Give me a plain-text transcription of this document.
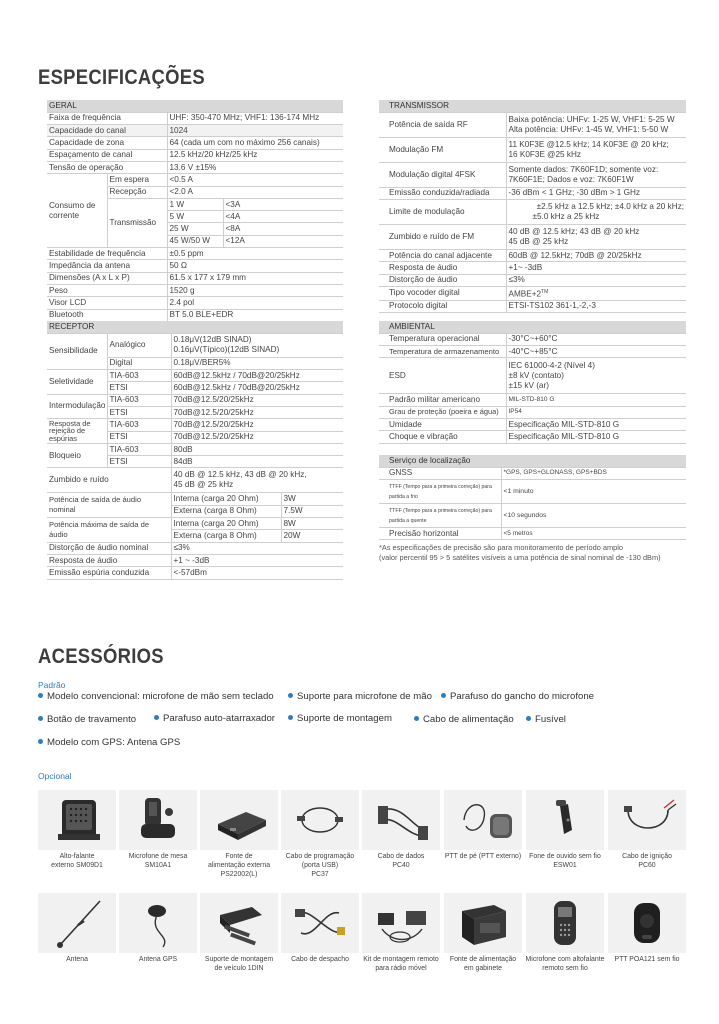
ESPECIFICAÇÕES
GERAL			
Faixa de frequência		UHF: 350-470 MHz; VHF1: 136-174 MHz	
Capacidade do canal		1024	
Capacidade de zona		64 (cada um com no máximo 256 canais)	
Espaçamento de canal		12.5 kHz/20 kHz/25 kHz	
Tensão de operação		13.6 V ±15%	
Consumo de corrente	Em espera	<0.5 A	
	Recepção	<2.0 A	
	Transmissão	1 W	<3A
		5 W	<4A
		25 W	<8A
		45 W/50 W	<12A
Estabilidade de frequência		±0.5 ppm	
Impedância da antena		50 Ω	
Dimensões (A x L x P)		61.5 x 177 x 179 mm	
Peso		1520 g	
Visor LCD		2.4 pol	
Bluetooth		BT 5.0 BLE+EDR	
RECEPTOR			
Sensibilidade	Analógico	0.18μV(12dB SINAD)
0.16μV(Típico)(12dB SINAD)	

	Digital	0.18μV/BER5%	
Seletividade	TIA-603	60dB@12.5kHz / 70dB@20/25kHz	
	ETSI	60dB@12.5kHz / 70dB@20/25kHz	
Intermodulação	TIA-603	70dB@12.5/20/25kHz	
	ETSI	70dB@12.5/20/25kHz	
Resposta de rejeição de espúrias	TIA-603	70dB@12.5/20/25kHz	
	ETSI	70dB@12.5/20/25kHz	
Bloqueio	TIA-603	80dB	
	ETSI	84dB	
Zumbido e ruído		40 dB @ 12.5 kHz, 43 dB @ 20 kHz,
45 dB @ 25 kHz	

Potência de saída de áudio nominal		Interna (carga 20 Ohm)	3W
		Externa (carga 8 Ohm)	7.5W
Potência máxima de saída de áudio		Interna (carga 20 Ohm)	8W
		Externa (carga 8 Ohm)	20W
Distorção de áudio nominal		≤3%	
Resposta de áudio		+1 ~ -3dB	
Emissão espúria conduzida		<-57dBm	
TRANSMISSOR	
Potência de saída RF	Baixa potência: UHFv: 1-25 W, VHF1: 5-25 W
Alta potência: UHFv: 1-45 W, VHF1: 5-50 W

Modulação FM	11 K0F3E @12.5 kHz; 14 K0F3E @ 20 kHz;
16 K0F3E @25 kHz

Modulação digital 4FSK	Somente dados: 7K60F1D; somente voz:
7K60F1E; Dados e voz: 7K60F1W

Emissão conduzida/radiada	-36 dBm < 1 GHz; -30 dBm > 1 GHz
Limite de modulação	±2.5 kHz a 12.5 kHz; ±4.0 kHz a 20 kHz;
±5.0 kHz a 25 kHz

Zumbido e ruído de FM	40 dB @ 12.5 kHz; 43 dB @ 20 kHz
45 dB @ 25 kHz

Potência do canal adjacente	60dB @ 12.5kHz; 70dB @ 20/25kHz
Resposta de áudio	+1~ -3dB
Distorção de áudio	≤3%
Tipo vocoder digital	AMBE+2™
Protocolo digital	ETSI-TS102 361-1,-2,-3
AMBIENTAL	
Temperatura operacional	-30°C~+60°C
Temperatura de armazenamento	-40°C~+85°C
ESD	IEC 61000-4-2 (Nível 4)
±8 kV (contato)
±15 kV (ar)

Padrão militar americano	MIL-STD-810 G
Grau de proteção (poeira e água)	IP54
Umidade	Especificação MIL-STD-810 G
Choque e vibração	Especificação MIL-STD-810 G
Serviço de localização	
GNSS	*GPS, GPS+GLONASS, GPS+BDS
TTFF (Tempo para a primeira correção) para partida a frio	<1 minuto
TTFF (Tempo para a primeira correção) para partida a quente	<10 segundos
Precisão horizontal	<5 metros
*As especificações de precisão são para monitoramento de período amplo
(valor percentil 95 > 5 satélites visíveis a uma potência de sinal nominal de -130 dBm)
ACESSÓRIOS
Padrão
Modelo convencional: microfone de mão sem teclado	Suporte para microfone de mão	Parafuso do gancho do microfone
Botão de travamento	Parafuso auto-atarraxador	Suporte de montagem	Cabo de alimentação	Fusível
Modelo com GPS: Antena GPS
Opcional
Alto-falante
externo SM09D1
Microfone de mesa
SM10A1
Fonte de
alimentação externa
PS22002(L)
Cabo de programação
(porta USB)
PC37
Cabo de dados
PC40
PTT de pé (PTT externo)	Fone de ouvido sem fio
ESW01
Cabo de ignição
PC60
Antena	Antena GPS	Suporte de montagem
de veículo 1DIN
Cabo de despacho	Kit de montagem remoto
para rádio móvel
Fonte de alimentação
em gabinete
Microfone com altofalante
remoto sem fio
PTT POA121 sem fio
